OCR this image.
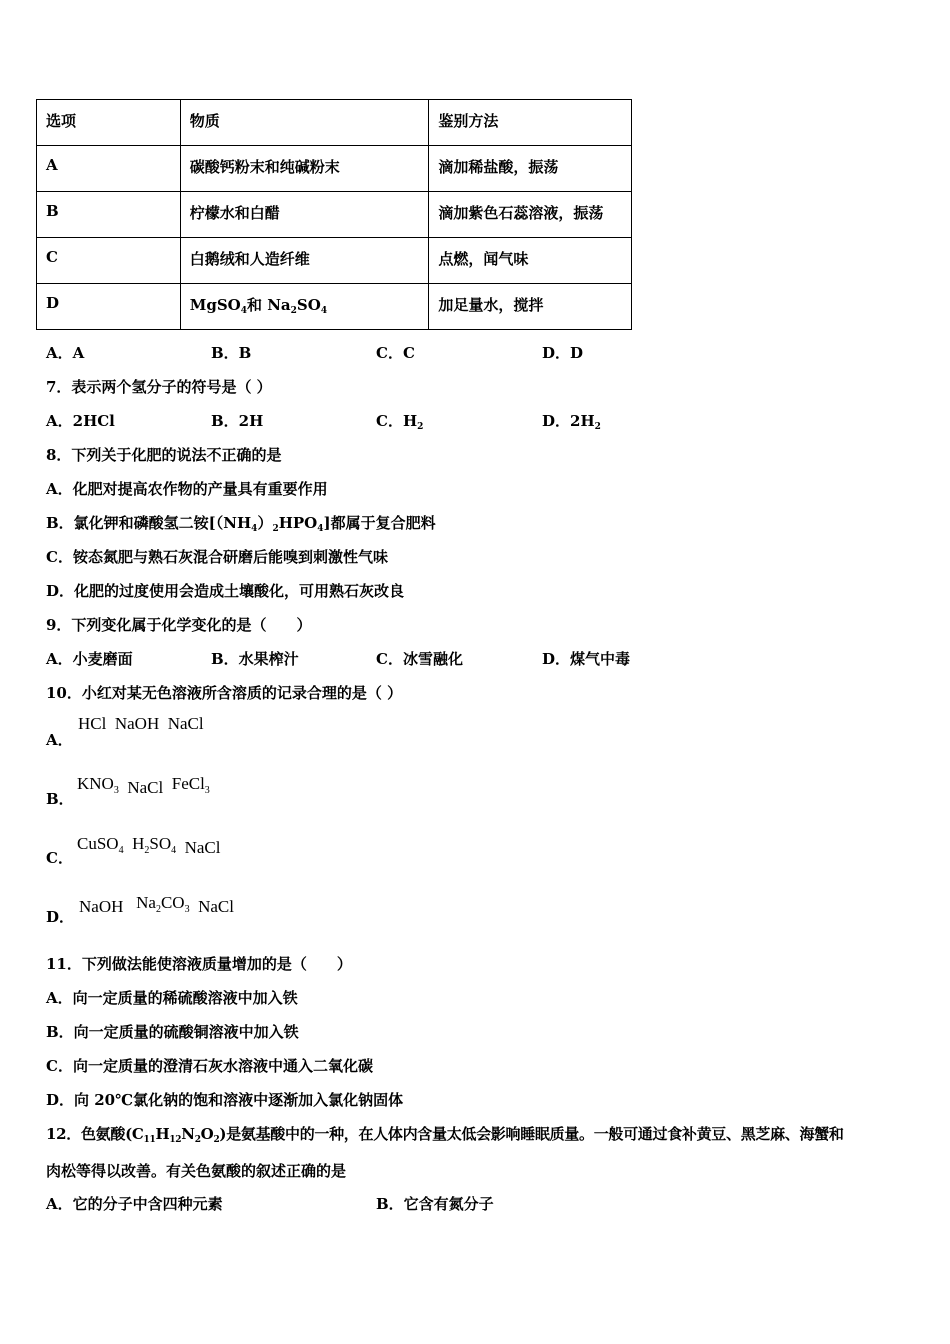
选项	物质	鉴别方法
A	碳酸钙粉末和纯碱粉末	滴加稀盐酸，振荡
B	柠檬水和白醋	滴加紫色石蕊溶液，振荡
C	白鹅绒和人造纤维	点燃，闻气味
D	MgSO$_4$和 $Na_2SO_4$	加足量水，搅拌
A．A	B．B	C．C	D．D
7．表示两个氢分子的符号是（ ）
A．2HCl	B．2H	C．$H_2$	D．$2H_2$
8．下列关于化肥的说法不正确的是
A．化肥对提高农作物的产量具有重要作用
B．氯化钾和磷酸氢二铵$[(NH_4)_2HPO_4]$都属于复合肥料
C．铵态氮肥与熟石灰混合研磨后能嗅到刺激性气味
D．化肥的过度使用会造成土壤酸化，可用熟石灰改良
9．下列变化属于化学变化的是（　　）
A．小麦磨面	B．水果榨汁	C．冰雪融化	D．煤气中毒
10．小红对某无色溶液所含溶质的记录合理的是（ ）
A．
HCl NaOH NaCl
B．
$KNO_3$ NaCl FeCl$_3$
C．
CuSO$_4$ $H_2SO_4$ NaCl
D．
NaOH $Na_2CO_3$ NaCl
11．下列做法能使溶液质量增加的是（　　）
A．向一定质量的稀硫酸溶液中加入铁
B．向一定质量的硫酸铜溶液中加入铁
C．向一定质量的澄清石灰水溶液中通入二氧化碳
D．向 20℃氯化钠的饱和溶液中逐渐加入氯化钠固体
12．色氨酸$(C_{11}H_{12}N_2O_2)$是氨基酸中的一种，在人体内含量太低会影响睡眠质量。一般可通过食补黄豆、黑芝麻、海蟹和
肉松等得以改善。有关色氨酸的叙述正确的是
A．它的分子中含四种元素	B．它含有氮分子
